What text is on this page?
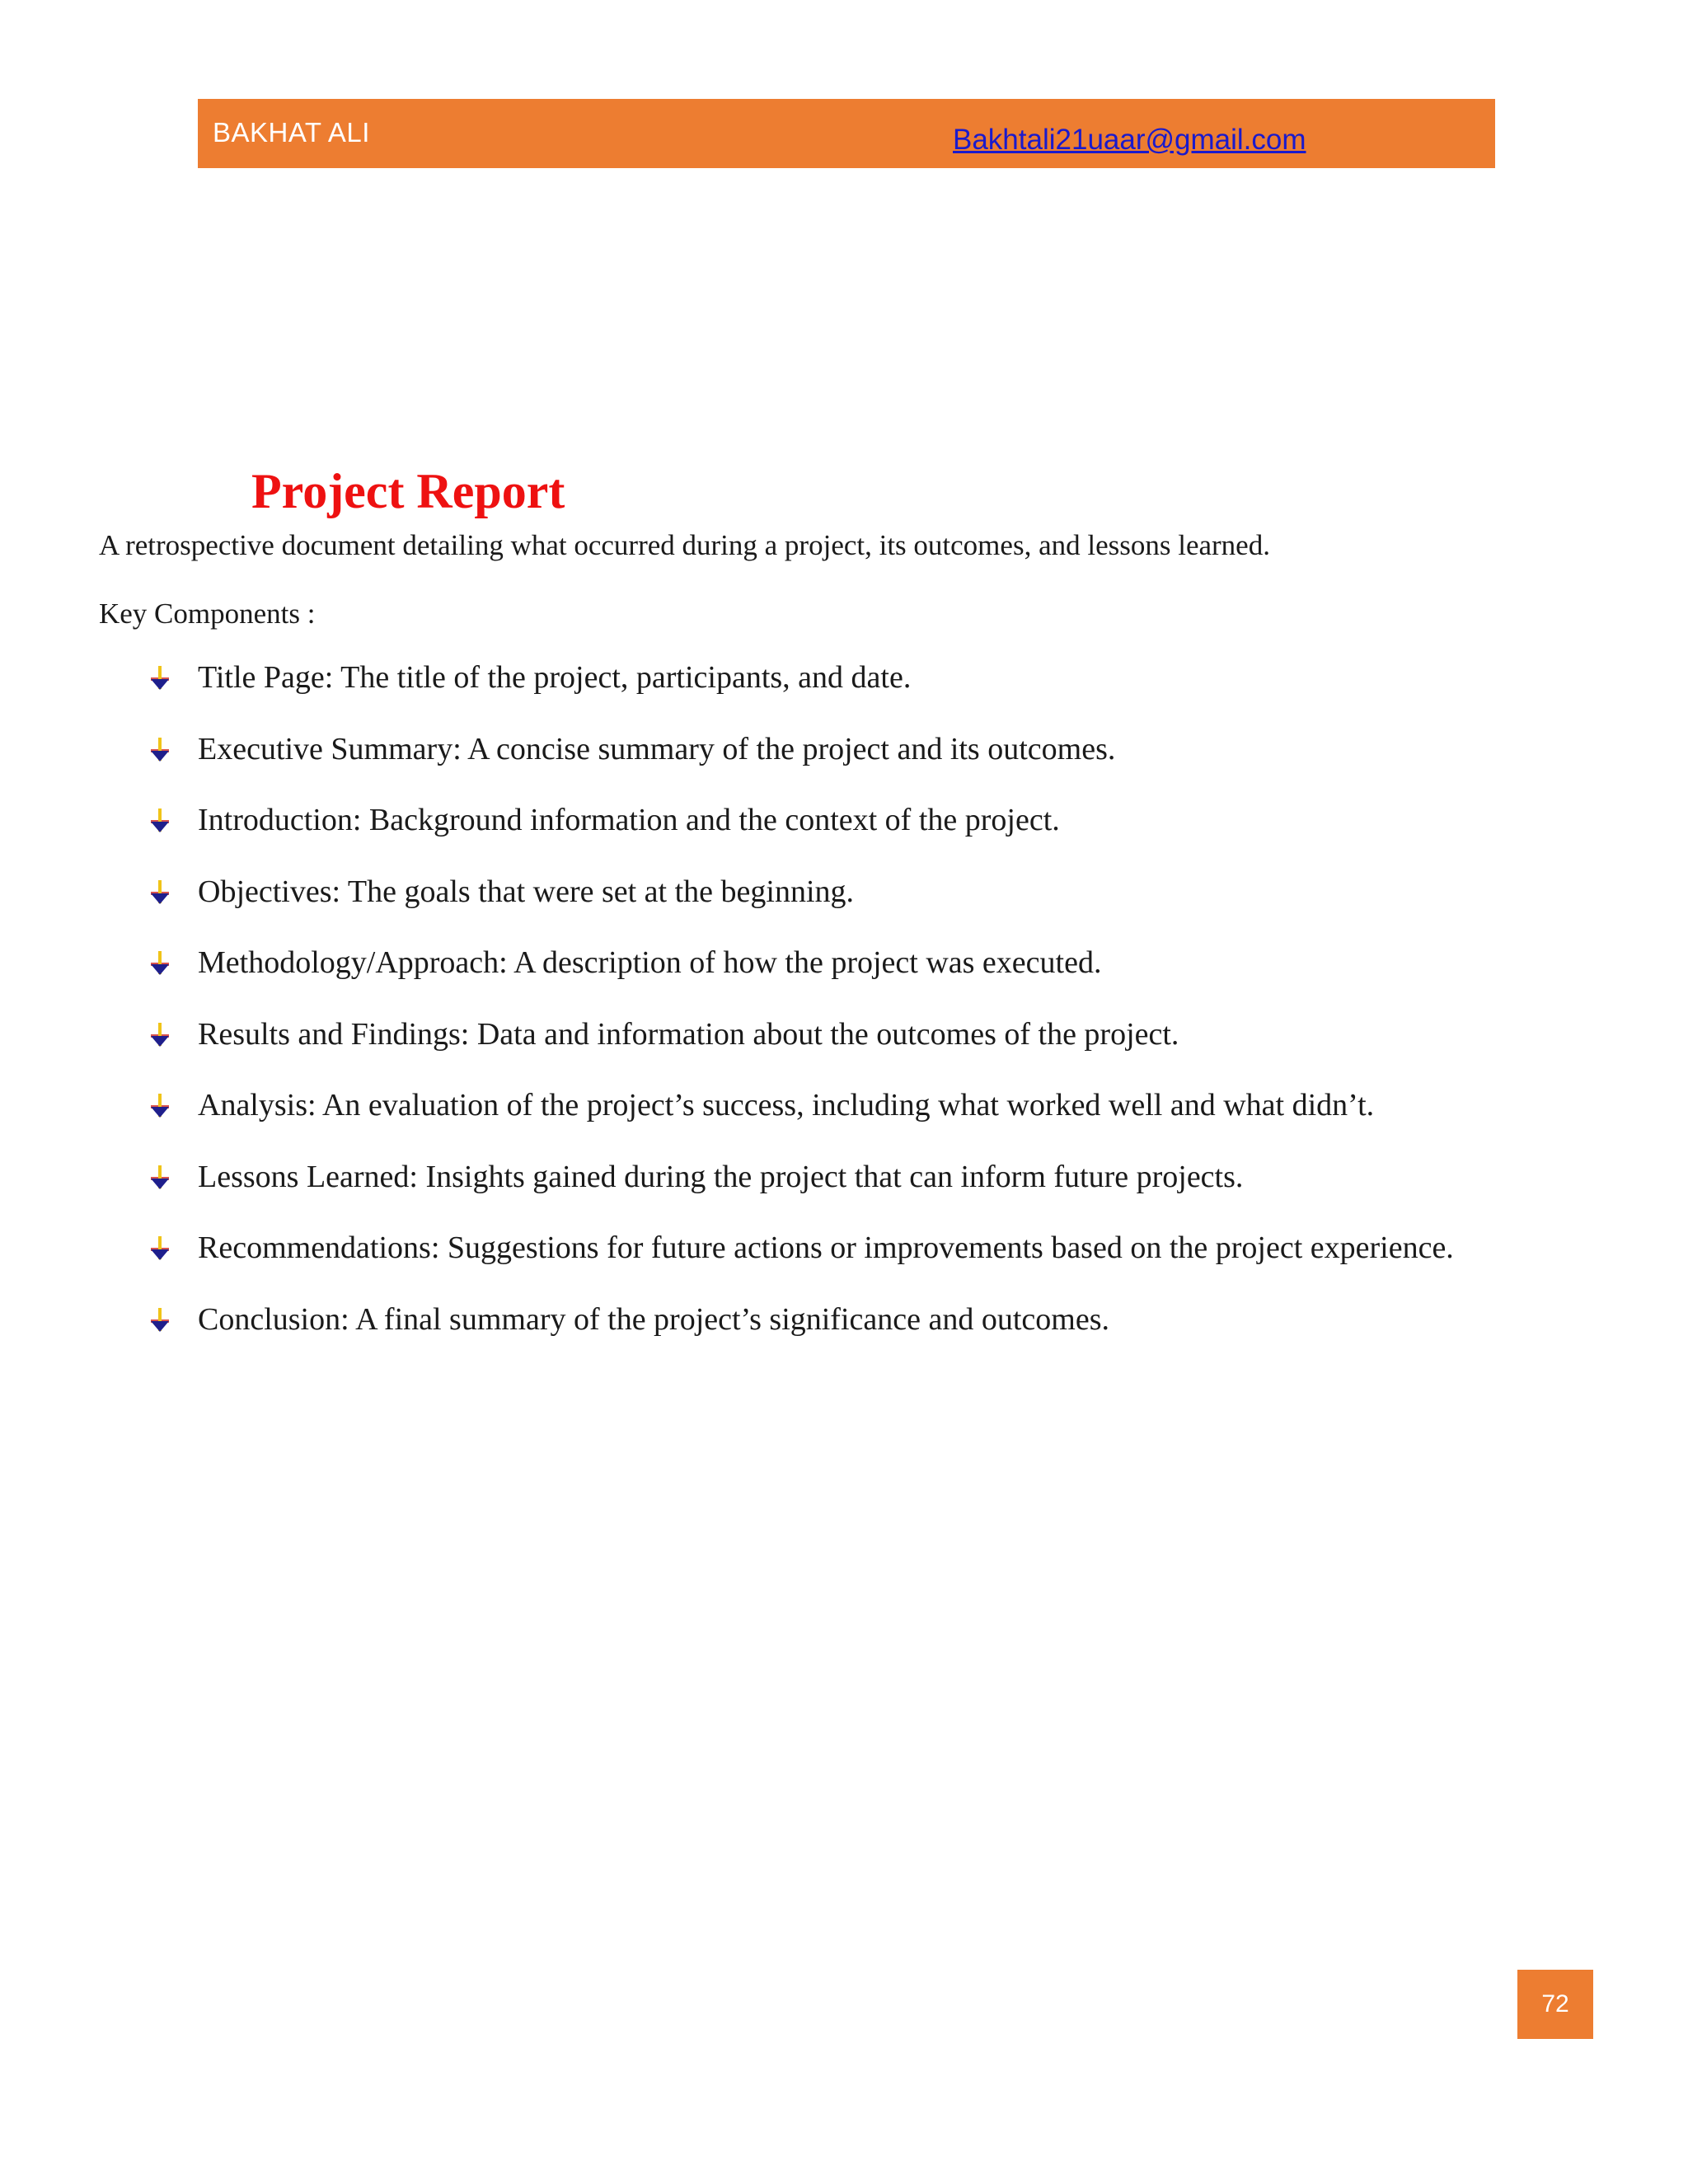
BAKHAT ALI	Bakhtali21uaar@gmail.com
Project Report

A retrospective document detailing what occurred during a project, its outcomes, and lessons learned.

Key Components :

Title Page: The title of the project, participants, and date.
Executive Summary: A concise summary of the project and its outcomes.
Introduction: Background information and the context of the project.
Objectives: The goals that were set at the beginning.
Methodology/Approach: A description of how the project was executed.
Results and Findings: Data and information about the outcomes of the project.
Analysis: An evaluation of the project’s success, including what worked well and what didn’t.
Lessons Learned: Insights gained during the project that can inform future projects.
Recommendations: Suggestions for future actions or improvements based on the project experience.
Conclusion: A final summary of the project’s significance and outcomes.
72
